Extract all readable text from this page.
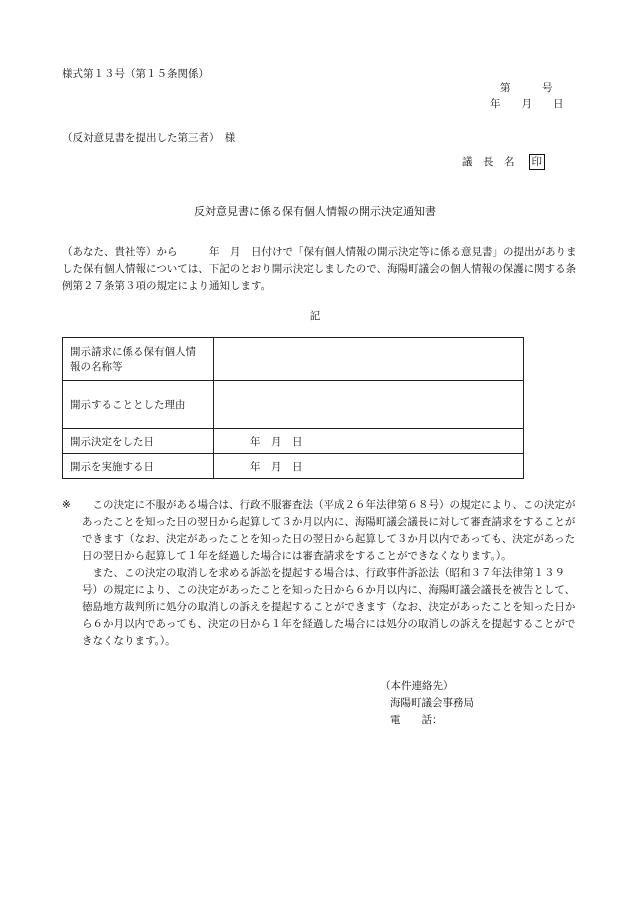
様式第１３号（第１５条関係）
第　　　号
年　　月　　日
（反対意見書を提出した第三者）　様
議　長　名 印
反対意見書に係る保有個人情報の開示決定通知書
（あなた、貴社等）から　　　年　月　日付けで「保有個人情報の開示決定等に係る意見書」の提出がありました保有個人情報については、下記のとおり開示決定しましたので、海陽町議会の個人情報の保護に関する条例第２７条第３項の規定により通知します。
記
開示請求に係る保有個人情報の名称等	
開示することとした理由	
開示決定をした日	年　月　日
開示を実施する日	年　月　日
※	この決定に不服がある場合は、行政不服審査法（平成２６年法律第６８号）の規定により、この決定があったことを知った日の翌日から起算して３か月以内に、海陽町議会議長に対して審査請求をすることができます（なお、決定があったことを知った日の翌日から起算して３か月以内であっても、決定があった日の翌日から起算して１年を経過した場合には審査請求をすることができなくなります。）。
また、この決定の取消しを求める訴訟を提起する場合は、行政事件訴訟法（昭和３７年法律第１３９号）の規定により、この決定があったことを知った日から６か月以内に、海陽町議会議長を被告として、徳島地方裁判所に処分の取消しの訴えを提起することができます（なお、決定があったことを知った日から６か月以内であっても、決定の日から１年を経過した場合には処分の取消しの訴えを提起することができなくなります。）。
（本件連絡先）
海陽町議会事務局
電　　話：
